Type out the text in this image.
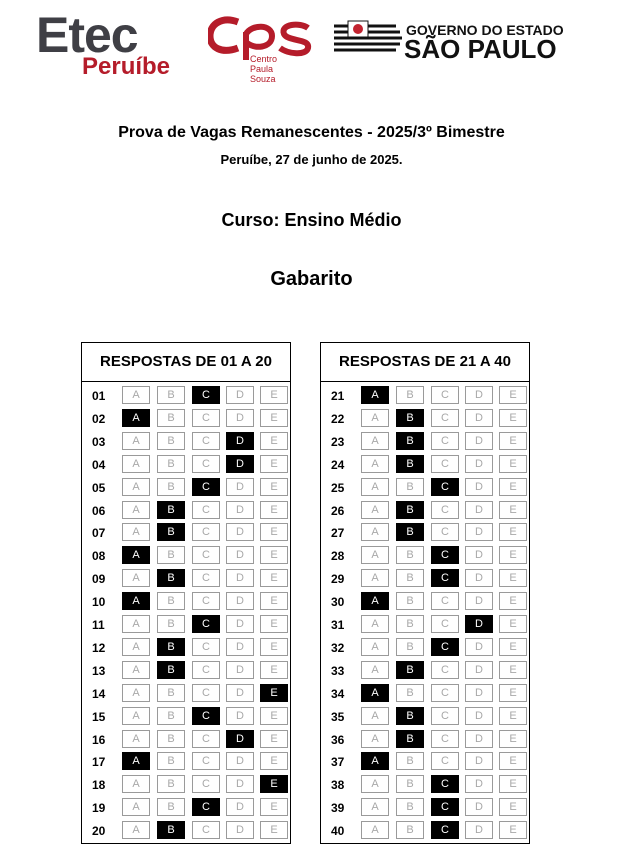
Etec
Peruíbe	Centro Paula Souza
GOVERNO DO ESTADO
SÃO PAULO
Prova de Vagas Remanescentes - 2025/3º Bimestre
Peruíbe, 27 de junho de 2025.
Curso: Ensino Médio
Gabarito
RESPOSTAS DE 01 A 20
01	A	B	C	D	E
02	A	B	C	D	E
03	A	B	C	D	E
04	A	B	C	D	E
05	A	B	C	D	E
06	A	B	C	D	E
07	A	B	C	D	E
08	A	B	C	D	E
09	A	B	C	D	E
10	A	B	C	D	E
11	A	B	C	D	E
12	A	B	C	D	E
13	A	B	C	D	E
14	A	B	C	D	E
15	A	B	C	D	E
16	A	B	C	D	E
17	A	B	C	D	E
18	A	B	C	D	E
19	A	B	C	D	E
20	A	B	C	D	E
RESPOSTAS DE 21 A 40
21	A	B	C	D	E
22	A	B	C	D	E
23	A	B	C	D	E
24	A	B	C	D	E
25	A	B	C	D	E
26	A	B	C	D	E
27	A	B	C	D	E
28	A	B	C	D	E
29	A	B	C	D	E
30	A	B	C	D	E
31	A	B	C	D	E
32	A	B	C	D	E
33	A	B	C	D	E
34	A	B	C	D	E
35	A	B	C	D	E
36	A	B	C	D	E
37	A	B	C	D	E
38	A	B	C	D	E
39	A	B	C	D	E
40	A	B	C	D	E
